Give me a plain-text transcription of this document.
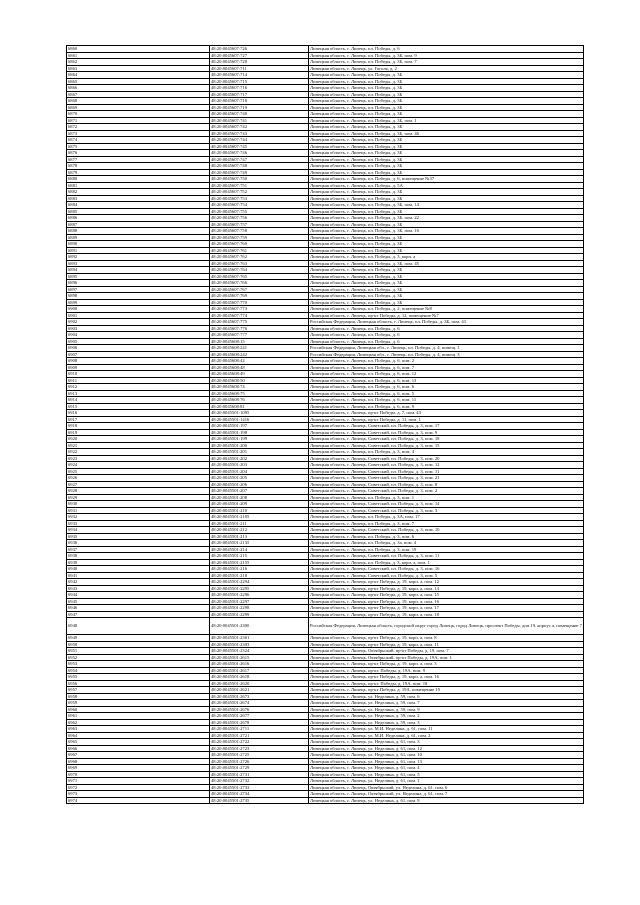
6860	48:20:0045607:726	Липецкая область, г. Липецк, пл. Победы, д. 6
6861	48:20:0045607:727	Липецкая область, г. Липецк, пл. Победы, д. 3Б, пом. 9
6862	48:20:0045607:728	Липецкая область, г. Липецк, пл. Победы, д. 3Б, пом. 7
6863	48:20:0045607:711	Липецкая область, г. Липецк, ул. Гоголя, д. 2
6864	48:20:0045607:714	Липецкая область, г. Липецк, пл. Победы, д. 3Б
6865	48:20:0045607:715	Липецкая область, г. Липецк, пл. Победы, д. 3Б
6866	48:20:0045607:716	Липецкая область, г. Липецк, пл. Победы, д. 3Б
6867	48:20:0045607:717	Липецкая область, г. Липецк, пл. Победы, д. 3Б
6868	48:20:0045607:718	Липецкая область, г. Липецк, пл. Победы, д. 3Б
6869	48:20:0045607:719	Липецкая область, г. Липецк, пл. Победы, д. 3Б
6870	48:20:0045607:740	Липецкая область, г. Липецк, пл. Победы, д. 3Б
6871	48:20:0045607:741	Липецкая область, г. Липецк, пл. Победы, д. 3Б, пом. 1
6872	48:20:0045607:742	Липецкая область, г. Липецк, пл. Победы, д. 3Б
6873	48:20:0045607:743	Липецкая область, г. Липецк, пл. Победы, д. 3Б, пом. 46
6874	48:20:0045607:744	Липецкая область, г. Липецк, пл. Победы, д. 3Б
6875	48:20:0045607:745	Липецкая область, г. Липецк, пл. Победы, д. 3Б
6876	48:20:0045607:746	Липецкая область, г. Липецк, пл. Победы, д. 3Б
6877	48:20:0045607:747	Липецкая область, г. Липецк, пл. Победы, д. 3Б
6878	48:20:0045607:748	Липецкая область, г. Липецк, пл. Победы, д. 3Б
6879	48:20:0045607:749	Липецкая область, г. Липецк, пл. Победы, д. 3Б
6880	48:20:0045607:750	Липецкая область, г. Липецк, пл. Победы, д. 6, помещение №37
6881	48:20:0045607:751	Липецкая область, г. Липецк, пл. Победы, д. 5А
6882	48:20:0045607:752	Липецкая область, г. Липецк, пл. Победы, д. 3Б
6883	48:20:0045607:753	Липецкая область, г. Липецк, пл. Победы, д. 3Б
6884	48:20:0045607:754	Липецкая область, г. Липецк, пл. Победы, д. 3Б, пом. 14
6885	48:20:0045607:755	Липецкая область, г. Липецк, пл. Победы, д. 3Б
6886	48:20:0045607:756	Липецкая область, г. Липецк, пл. Победы, д. 3Б, пом. 22
6887	48:20:0045607:757	Липецкая область, г. Липецк, пл. Победы, д. 3Б
6888	48:20:0045607:758	Липецкая область, г. Липецк, пл. Победы, д. 3Б, пом. 16
6889	48:20:0045607:759	Липецкая область, г. Липецк, пл. Победы, д. 3Б
6890	48:20:0045607:760	Липецкая область, г. Липецк, пл. Победы, д. 3Б
6891	48:20:0045607:761	Липецкая область, г. Липецк, пл. Победы, д. 3Б
6892	48:20:0045607:762	Липецкая область, г. Липецк, пл. Победы, д. 3, корп. а
6893	48:20:0045607:763	Липецкая область, г. Липецк, пл. Победы, д. 3Б, пом. 45
6894	48:20:0045607:764	Липецкая область, г. Липецк, пл. Победы, д. 3Б
6895	48:20:0045607:765	Липецкая область, г. Липецк, пл. Победы, д. 3Б
6896	48:20:0045607:766	Липецкая область, г. Липецк, пл. Победы, д. 3Б
6897	48:20:0045607:767	Липецкая область, г. Липецк, пл. Победы, д. 3Б
6898	48:20:0045607:769	Липецкая область, г. Липецк, пл. Победы, д. 3Б
6899	48:20:0045607:770	Липецкая область, г. Липецк, пл. Победы, д. 3Б
6900	48:20:0045607:773	Липецкая область, г. Липецк, пл. Победы, д. 2, помещение №8
6901	48:20:0045607:774	Липецкая область, г. Липецк, пр-кт Победы, д. 12, помещение №7
6902	48:20:0045607:775	Российская Федерация, Липецкая область, г. Липецк, пл. Победы, д. 3Б, пом. 43
6903	48:20:0045607:776	Липецкая область, г. Липецк, пл. Победы, д. 6
6904	48:20:0045607:777	Липецкая область, г. Липецк, пл. Победы, д. 6
6905	48:20:0045608:15	Липецкая область, г. Липецк, пл. Победы, д. 6
6906	48:20:0045608:241	Российская Федерация, Липецкая обл., г. Липецк, пл. Победы, д. 4, помещ. 1
6907	48:20:0045608:242	Российская Федерация, Липецкая обл., г. Липецк, пл. Победы, д. 4, помещ. 3
6908	48:20:0045608:42	Липецкая область, г. Липецк, пл. Победы, д. 6, пом. 2
6909	48:20:0045608:48	Липецкая область, г. Липецк, пл. Победы, д. 6, пом. 7
6910	48:20:0045608:49	Липецкая область, г. Липецк, пл. Победы, д. 6, пом. 12
6911	48:20:0045608:50	Липецкая область, г. Липецк, пл. Победы, д. 6, пом. 13
6912	48:20:0045608:74	Липецкая область, г. Липецк, пл. Победы, д. 6, пом. 6
6913	48:20:0045608:75	Липецкая область, г. Липецк, пл. Победы, д. 6, пом. 5
6914	48:20:0045608:76	Липецкая область, г. Липецк, пл. Победы, д. 6, пом. 11
6915	48:20:0045608:81	Липецкая область, г. Липецк, пл. Победы, д. 6, пом. 9
6916	48:20:0045501:1095	Липецкая область, г. Липецк, пр-кт Победы, д. 7, пом. 43
6917	48:20:0045501:1416	Липецкая область, г. Липецк, пр-кт Победы, д. 11, пом. 1
6918	48:20:0045501:197	Липецкая область, г. Липецк, Советский, пл. Победы, д. 3, пом. 17
6919	48:20:0045501:198	Липецкая область, г. Липецк, Советский, пл. Победы, д. 3, пом. 9
6920	48:20:0045501:199	Липецкая область, г. Липецк, Советский, пл. Победы, д. 3, пом. 18
6921	48:20:0045501:200	Липецкая область, г. Липецк, Советский, пл. Победы, д. 3, пом. 15
6922	48:20:0045501:201	Липецкая область, г. Липецк, пл. Победы, д. 3, пом. 4
6923	48:20:0045501:202	Липецкая область, г. Липецк, Советский, пл. Победы, д. 3, пом. 20
6924	48:20:0045501:203	Липецкая область, г. Липецк, Советский, пл. Победы, д. 3, пом. 12
6925	48:20:0045501:204	Липецкая область, г. Липецк, Советский, пл. Победы, д. 3, пом. 11
6926	48:20:0045501:205	Липецкая область, г. Липецк, Советский, пл. Победы, д. 3, пом. 21
6927	48:20:0045501:206	Липецкая область, г. Липецк, Советский, пл. Победы, д. 3, пом. 8
6928	48:20:0045501:207	Липецкая область, г. Липецк, Советский, пл. Победы, д. 3, пом. 2
6929	48:20:0045501:208	Липецкая область, г. Липецк, пл. Победы, д. 3, пом. 1
6930	48:20:0045501:209	Липецкая область, г. Липецк, Советский, пл. Победы, д. 3, пом. 14
6931	48:20:0045501:210	Липецкая область, г. Липецк, Советский, пл. Победы, д. 3, пом. 3
6932	48:20:0045501:2105	Липецкая область, г. Липецк, пл. Победы, д. 3А, пом. 17
6933	48:20:0045501:211	Липецкая область, г. Липецк, пл. Победы, д. 3, пом. 7
6934	48:20:0045501:212	Липецкая область, г. Липецк, Советский, пл. Победы, д. 3, пом. 10
6935	48:20:0045501:213	Липецкая область, г. Липецк, пл. Победы, д. 3, пом. 6
6936	48:20:0045501:2135	Липецкая область, г. Липецк, пл. Победы, д. 3а, пом. 4
6937	48:20:0045501:214	Липецкая область, г. Липецк, пл. Победы, д. 3, пом. 19
6938	48:20:0045501:215	Липецкая область, г. Липецк, Советский, пл. Победы, д. 3, пом. 11
6939	48:20:0045501:2155	Липецкая область, г. Липецк, пл. Победы, д. 3, корп. а, пом. 1
6940	48:20:0045501:216	Липецкая область, г. Липецк, Советский, пл. Победы, д. 3, пом. 16
6941	48:20:0045501:218	Липецкая область, г. Липецк, Советский, пл. Победы, д. 3, пом. 5
6942	48:20:0045501:2294	Липецкая область, г. Липецк, пр-кт Победы, д. 19, корп. а, пом. 12
6943	48:20:0045501:2295	Липецкая область, г. Липецк, пр-кт Победы, д. 19, корп. а, пом. 14
6944	48:20:0045501:2296	Липецкая область, г. Липецк, пр-кт Победы, д. 19, корп. а, пом. 15
6945	48:20:0045501:2297	Липецкая область, г. Липецк, пр-кт Победы, д. 19, корп. а, пом. 16
6946	48:20:0045501:2298	Липецкая область, г. Липецк, пр-кт Победы, д. 19, корп. а, пом. 17
6947	48:20:0045501:2299	Липецкая область, г. Липецк, пр-кт Победы, д. 19, корп. а, пом. 18
6948	48:20:0045501:2300	Российская Федерация, Липецкая область, городской округ город Липецк, город Липецк, проспект Победы, дом 19, корпус а, помещение 7
6949	48:20:0045501:2301	Липецкая область, г. Липецк, пр-кт Победы, д. 19, корп. а, пом. 8
6950	48:20:0045501:2303	Липецкая область, г. Липецк, пр-кт Победы, д. 19, корп. а, пом. 11
6951	48:20:0045501:2324	Липецкая область, г. Липецк, Октябрьский, пр-кт Победы, д. 19, пом. 7
6952	48:20:0045501:2615	Липецкая область, г. Липецк, Октябрьский, пр-кт Победы, д. 19А, пом. 1
6953	48:20:0045501:2616	Липецкая область, г. Липецк, пр-кт Победы, д. 19, корп. а, пом. 3
6954	48:20:0045501:2617	Липецкая область, г. Липецк, пр-кт. Победы, д. 19А, пом. 9
6955	48:20:0045501:2618	Липецкая область, г. Липецк, пр-кт Победы, д. 19, корп. а, пом. 16
6956	48:20:0045501:2620	Липецкая область, г. Липецк, пр-кт. Победы, д. 19А, пом. 18
6957	48:20:0045501:2621	Липецкая область, г. Липецк, пр-кт Победы, д. 19А, помещение 19
6958	48:20:0045501:2673	Липецкая область, г. Липецк, ул. Неделина, д. 59, пом. 6
6959	48:20:0045501:2674	Липецкая область, г. Липецк, ул. Неделина, д. 59, пом. 7
6960	48:20:0045501:2676	Липецкая область, г. Липецк, ул. Неделина, д. 59, пом. 9
6961	48:20:0045501:2677	Липецкая область, г. Липецк, ул. Неделина, д. 59, пом. 2
6962	48:20:0045501:2678	Липецкая область, г. Липецк, ул. Неделина, д. 59, пом. 3
6963	48:20:0045501:2711	Липецкая область, г. Липецк, ул. М.И. Неделина, д. 61, пом. 11
6964	48:20:0045501:2721	Липецкая область, г. Липецк, ул. М.И. Неделина, д. 61, пом. 2
6965	48:20:0045501:2722	Липецкая область, г. Липецк, ул. Неделина, д. 61, пом. 3
6966	48:20:0045501:2723	Липецкая область, г. Липецк, ул. Неделина, д. 61, пом. 12
6967	48:20:0045501:2725	Липецкая область, г. Липецк, ул. Неделина, д. 61, пом. 10
6968	48:20:0045501:2726	Липецкая область, г. Липецк, ул. Неделина, д. 61, пом. 13
6969	48:20:0045501:2729	Липецкая область, г. Липецк, ул. Неделина, д. 61, пом. 4
6970	48:20:0045501:2731	Липецкая область, г. Липецк, ул. Неделина, д. 61, пом. 5
6971	48:20:0045501:2732	Липецкая область, г. Липецк, ул. Неделина, д. 61, пом. 1
6972	48:20:0045501:2733	Липецкая область, г. Липецк, Октябрьский, ул. Неделина, д. 61, пом. 6
6973	48:20:0045501:2734	Липецкая область, г. Липецк, Октябрьский, ул. Неделина, д. 61, пом. 7
6974	48:20:0045501:2735	Липецкая область, г. Липецк, ул. Неделина, д. 61, пом. 8
